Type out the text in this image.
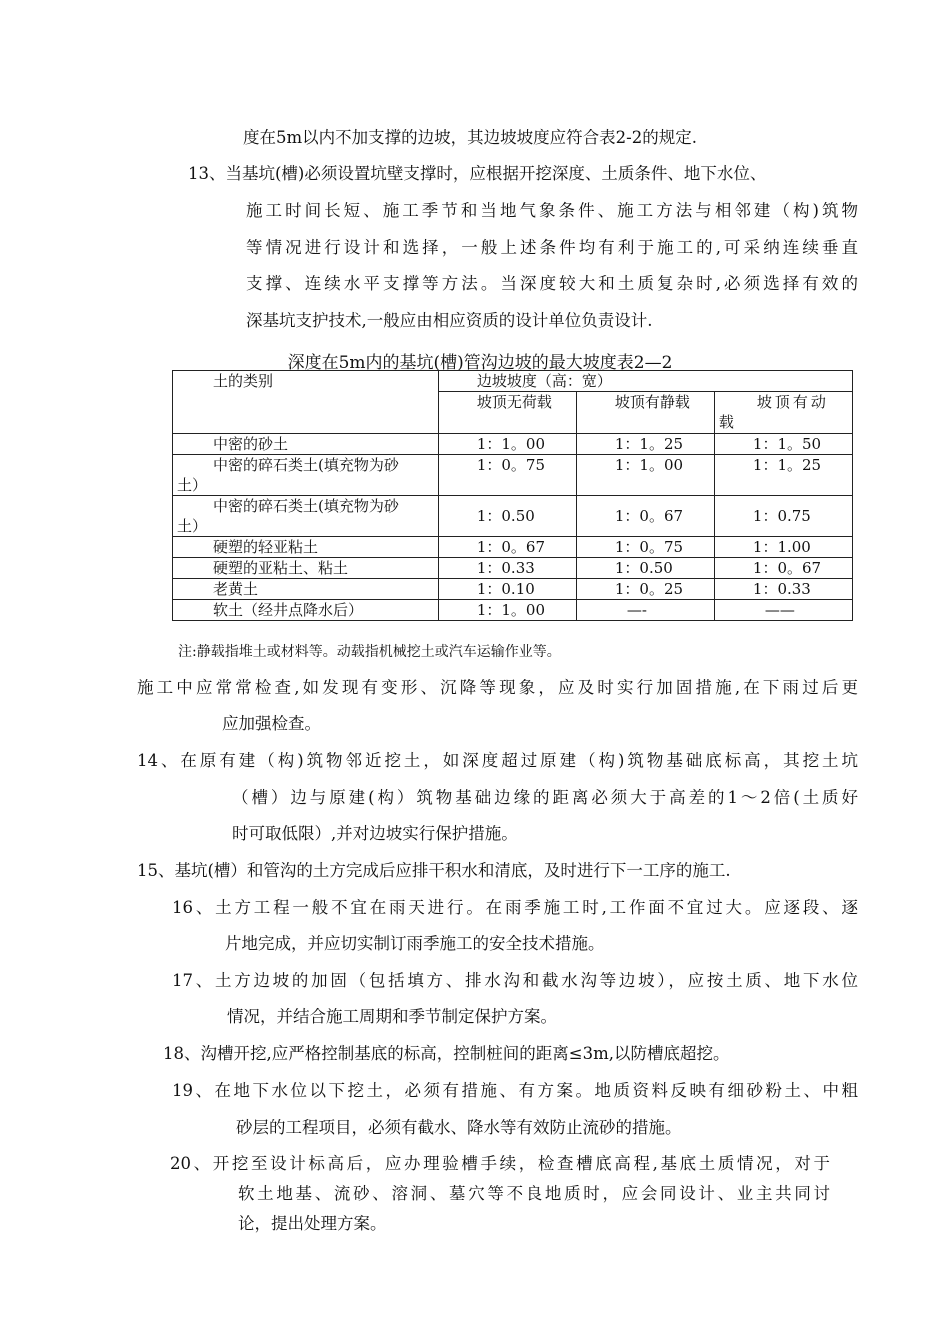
度在5m以内不加支撑的边坡，其边坡坡度应符合表2-2的规定.
13、当基坑(槽)必须设置坑壁支撑时，应根据开挖深度、土质条件、地下水位、
施工时间长短、施工季节和当地气象条件、施工方法与相邻建（构)筑物
等情况进行设计和选择，一般上述条件均有利于施工的,可采纳连续垂直
支撑、连续水平支撑等方法。当深度较大和土质复杂时,必须选择有效的
深基坑支护技术,一般应由相应资质的设计单位负责设计.
深度在5m内的基坑(槽)管沟边坡的最大坡度表2—2
土的类别	边坡坡度（高：宽）		
	坡顶无荷载	坡顶有静载	坡顶有动
载

中密的砂土	1：1。00	1：1。25	1：1。50

中密的碎石类土(填充物为砂
土）	1：0。75	1：1。00	1：1。25

中密的碎石类土(填充物为砂
土）	1：0.50	1：0。67	1：0.75
硬塑的轻亚粘土	1：0。67	1：0。75	1：1.00
硬塑的亚粘土、粘土	1：0.33	1：0.50	1：0。67
老黄土	1：0.10	1：0。25	1：0.33
软土（经井点降水后）	1：1。00	—-	——
注:静载指堆土或材料等。动载指机械挖土或汽车运输作业等。
施工中应常常检查,如发现有变形、沉降等现象，应及时实行加固措施,在下雨过后更
应加强检查。
14、在原有建（构)筑物邻近挖土，如深度超过原建（构)筑物基础底标高，其挖土坑
（槽）边与原建(构）筑物基础边缘的距离必须大于高差的1～2倍(土质好
时可取低限）,并对边坡实行保护措施。
15、基坑(槽）和管沟的土方完成后应排干积水和清底，及时进行下一工序的施工.
16、土方工程一般不宜在雨天进行。在雨季施工时,工作面不宜过大。应逐段、逐
片地完成，并应切实制订雨季施工的安全技术措施。
17、土方边坡的加固（包括填方、排水沟和截水沟等边坡），应按土质、地下水位
情况，并结合施工周期和季节制定保护方案。
18、沟槽开挖,应严格控制基底的标高，控制桩间的距离≤3m,以防槽底超挖。
19、在地下水位以下挖土，必须有措施、有方案。地质资料反映有细砂粉土、中粗
砂层的工程项目，必须有截水、降水等有效防止流砂的措施。
20、开挖至设计标高后，应办理验槽手续，检查槽底高程,基底土质情况，对于
软土地基、流砂、溶洞、墓穴等不良地质时，应会同设计、业主共同讨
论，提出处理方案。
